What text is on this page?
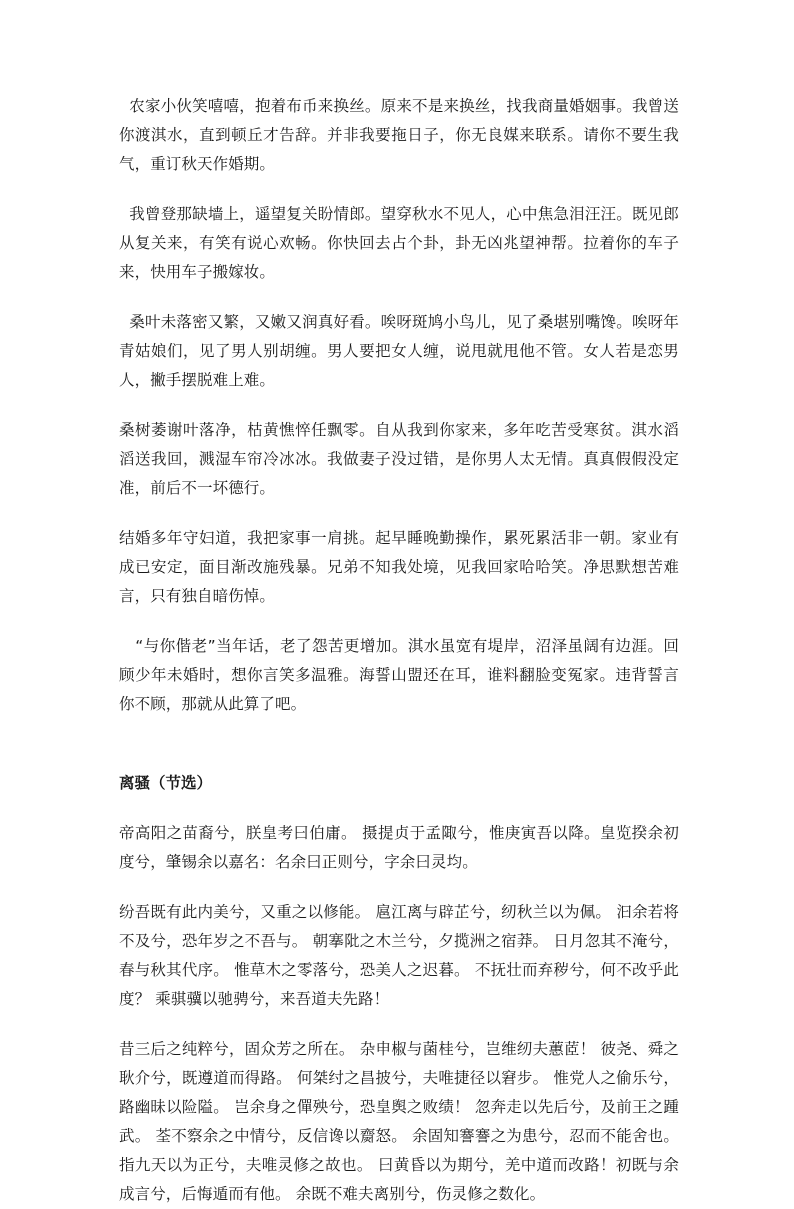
农家小伙笑嘻嘻，抱着布币来换丝。原来不是来换丝，找我商量婚姻事。我曾送你渡淇水，直到顿丘才告辞。并非我要拖日子，你无良媒来联系。请你不要生我气，重订秋天作婚期。

我曾登那缺墙上，遥望复关盼情郎。望穿秋水不见人，心中焦急泪汪汪。既见郎从复关来，有笑有说心欢畅。你快回去占个卦，卦无凶兆望神帮。拉着你的车子来，快用车子搬嫁妆。

桑叶未落密又繁，又嫩又润真好看。唉呀斑鸠小鸟儿，见了桑堪别嘴馋。唉呀年青姑娘们，见了男人别胡缠。男人要把女人缠，说甩就甩他不管。女人若是恋男人，撇手摆脱难上难。

桑树萎谢叶落净，枯黄憔悴任飘零。自从我到你家来，多年吃苦受寒贫。淇水滔滔送我回，溅湿车帘冷冰冰。我做妻子没过错，是你男人太无情。真真假假没定准，前后不一坏德行。

结婚多年守妇道，我把家事一肩挑。起早睡晚勤操作，累死累活非一朝。家业有成已安定，面目渐改施残暴。兄弟不知我处境，见我回家哈哈笑。净思默想苦难言，只有独自暗伤悼。

“与你偕老”当年话，老了怨苦更增加。淇水虽宽有堤岸，沼泽虽阔有边涯。回顾少年未婚时，想你言笑多温雅。海誓山盟还在耳，谁料翻脸变冤家。违背誓言你不顾，那就从此算了吧。

离骚（节选）

帝高阳之苗裔兮，朕皇考曰伯庸。 摄提贞于孟陬兮，惟庚寅吾以降。皇览揆余初度兮，肇锡余以嘉名：名余曰正则兮，字余曰灵均。

纷吾既有此内美兮，又重之以修能。 扈江离与辟芷兮，纫秋兰以为佩。 汩余若将不及兮，恐年岁之不吾与。 朝搴阰之木兰兮，夕揽洲之宿莽。 日月忽其不淹兮，春与秋其代序。 惟草木之零落兮，恐美人之迟暮。 不抚壮而弃秽兮，何不改乎此度？ 乘骐骥以驰骋兮，来吾道夫先路！

昔三后之纯粹兮，固众芳之所在。 杂申椒与菌桂兮，岂维纫夫蕙茝！ 彼尧、舜之耿介兮，既遵道而得路。 何桀纣之昌披兮，夫唯捷径以窘步。 惟党人之偷乐兮，路幽昧以险隘。 岂余身之僤殃兮，恐皇舆之败绩！ 忽奔走以先后兮，及前王之踵武。 荃不察余之中情兮，反信谗以齌怒。 余固知謇謇之为患兮，忍而不能舍也。 指九天以为正兮，夫唯灵修之故也。 曰黄昏以为期兮，羌中道而改路！初既与余成言兮，后悔遁而有他。 余既不难夫离别兮，伤灵修之数化。
